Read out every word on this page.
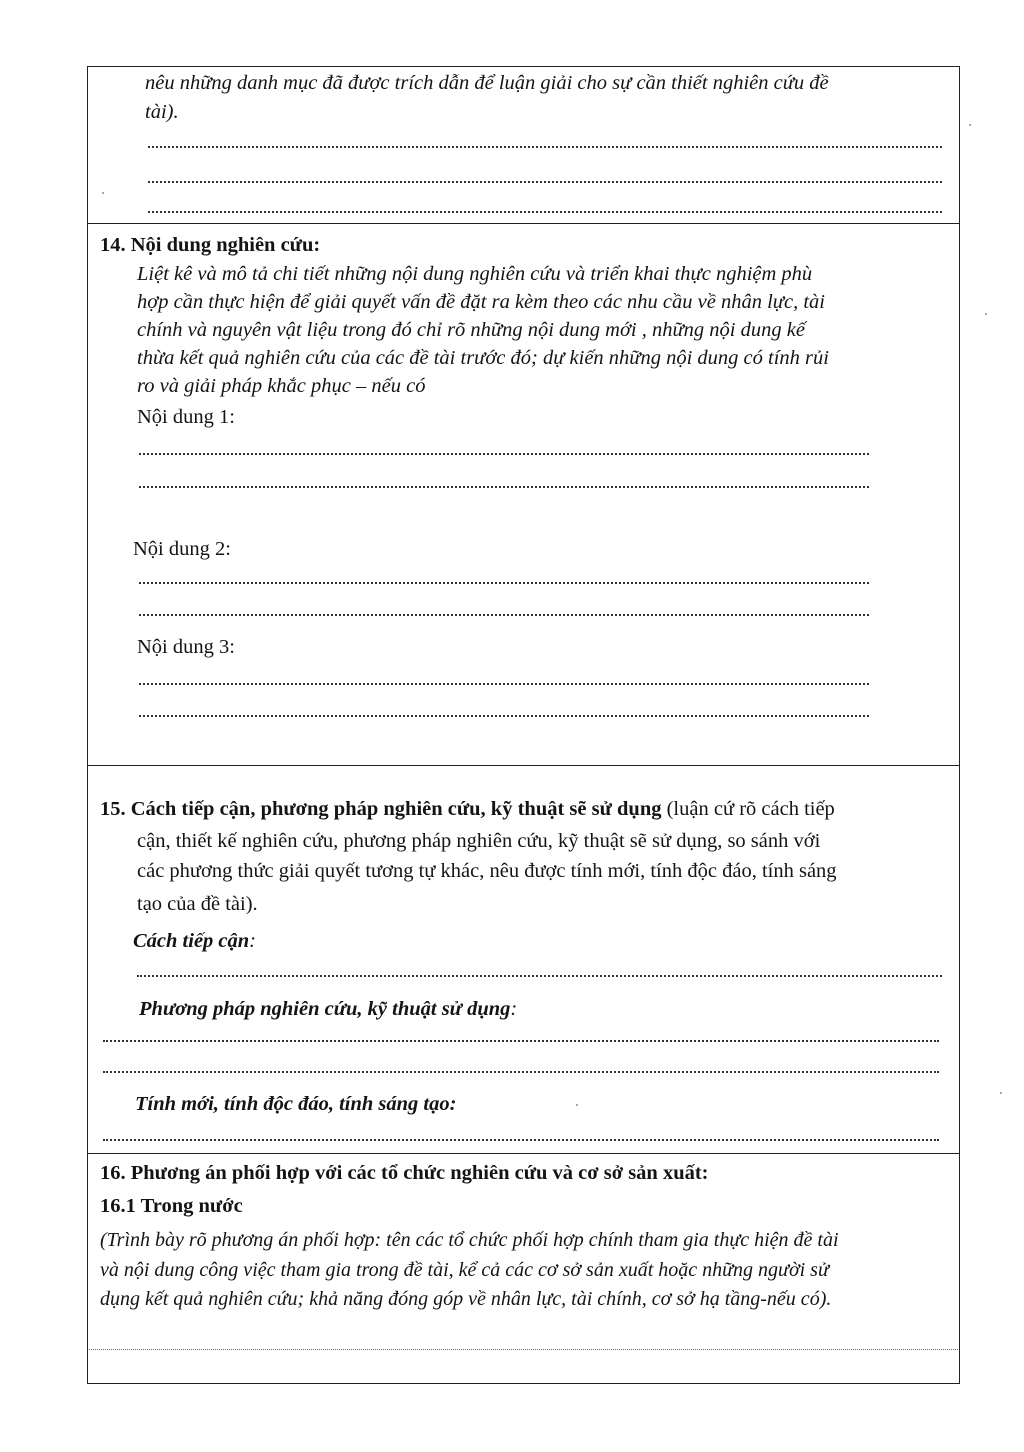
nêu những danh mục đã được trích dẫn để luận giải cho sự cần thiết nghiên cứu đề
tài).
14. Nội dung nghiên cứu:
Liệt kê và mô tả chi tiết những nội dung nghiên cứu và triển khai thực nghiệm phù
hợp cần thực hiện để giải quyết vấn đề đặt ra kèm theo các nhu cầu về nhân lực, tài
chính và nguyên vật liệu trong đó chỉ rõ những nội dung mới , những nội dung kế
thừa kết quả nghiên cứu của các đề tài trước đó; dự kiến những nội dung có tính rủi
ro và giải pháp khắc phục – nếu có
Nội dung 1:
Nội dung 2:
Nội dung 3:
15. Cách tiếp cận, phương pháp nghiên cứu, kỹ thuật sẽ sử dụng (luận cứ rõ cách tiếp
cận, thiết kế nghiên cứu, phương pháp nghiên cứu, kỹ thuật sẽ sử dụng, so sánh với
các phương thức giải quyết tương tự khác, nêu được tính mới, tính độc đáo, tính sáng
tạo của đề tài).
Cách tiếp cận:
Phương pháp nghiên cứu, kỹ thuật sử dụng:
Tính mới, tính độc đáo, tính sáng tạo:
16. Phương án phối hợp với các tổ chức nghiên cứu và cơ sở sản xuất:
16.1 Trong nước
(Trình bày rõ phương án phối hợp: tên các tổ chức phối hợp chính tham gia thực hiện đề tài
và nội dung công việc tham gia trong đề tài, kể cả các cơ sở sản xuất hoặc những người sử
dụng kết quả nghiên cứu; khả năng đóng góp về nhân lực, tài chính, cơ sở hạ tầng-nếu có).
